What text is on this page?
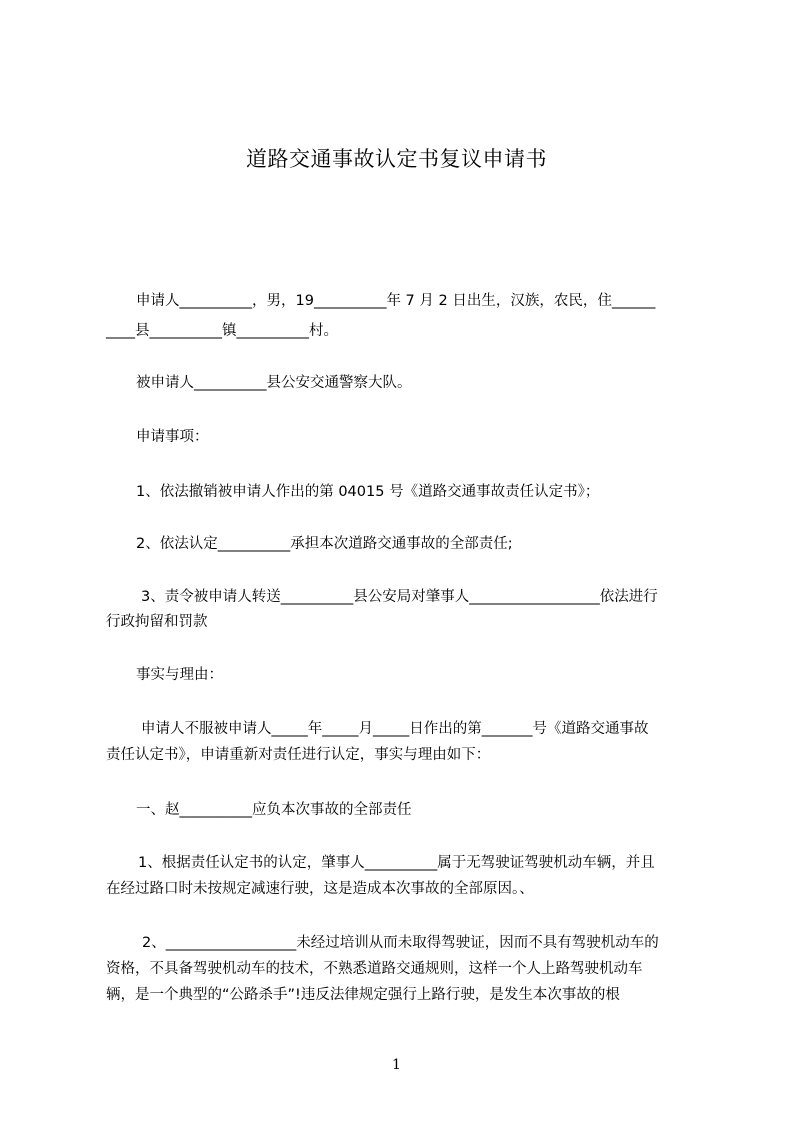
道路交通事故认定书复议申请书
申请人__________，男，19__________年 7 月 2 日出生，汉族，农民，住______
____县__________镇__________村。
被申请人__________县公安交通警察大队。
申请事项：
1、依法撤销被申请人作出的第 04015 号《道路交通事故责任认定书》；
2、依法认定__________承担本次道路交通事故的全部责任;
3、责令被申请人转送__________县公安局对肇事人__________________依法进行
行政拘留和罚款
事实与理由：
申请人不服被申请人_____年_____月_____日作出的第_______号《道路交通事故
责任认定书》，申请重新对责任进行认定，事实与理由如下：
一、赵__________应负本次事故的全部责任
1、根据责任认定书的认定，肇事人__________属于无驾驶证驾驶机动车辆，并且
在经过路口时未按规定减速行驶，这是造成本次事故的全部原因。、
2、__________________未经过培训从而未取得驾驶证，因而不具有驾驶机动车的
资格，不具备驾驶机动车的技术，不熟悉道路交通规则，这样一个人上路驾驶机动车
辆，是一个典型的“公路杀手”!违反法律规定强行上路行驶，是发生本次事故的根
1
